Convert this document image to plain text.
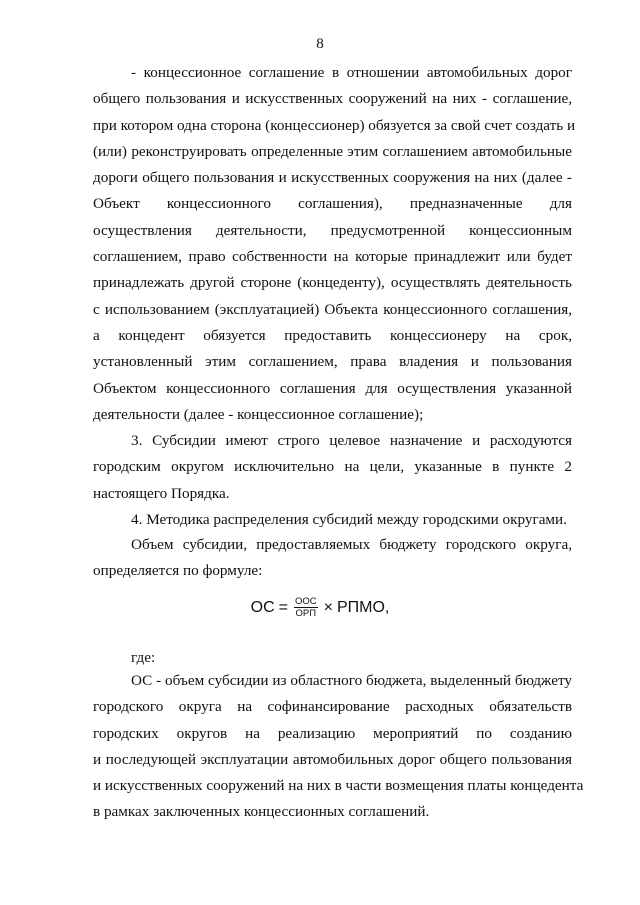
8
- концессионное соглашение в отношении автомобильных дорог
общего пользования и искусственных сооружений на них - соглашение,
при котором одна сторона (концессионер) обязуется за свой счет создать и
(или) реконструировать определенные этим соглашением автомобильные
дороги общего пользования и искусственных сооружения на них (далее -
Объект концессионного соглашения), предназначенные для
осуществления деятельности, предусмотренной концессионным
соглашением, право собственности на которые принадлежит или будет
принадлежать другой стороне (концеденту), осуществлять деятельность
с использованием (эксплуатацией) Объекта концессионного соглашения,
а концедент обязуется предоставить концессионеру на срок,
установленный этим соглашением, права владения и пользования
Объектом концессионного соглашения для осуществления указанной
деятельности (далее - концессионное соглашение);
3. Субсидии имеют строго целевое назначение и расходуются
городским округом исключительно на цели, указанные в пункте 2
настоящего Порядка.
4. Методика распределения субсидий между городскими округами.
Объем субсидии, предоставляемых бюджету городского округа,
определяется по формуле:
ОС = $\frac{\text{ООС}}{\text{ОРП}}$ × РПМО,
где:
ОС - объем субсидии из областного бюджета, выделенный бюджету
городского округа на софинансирование расходных обязательств
городских округов на реализацию мероприятий по созданию
и последующей эксплуатации автомобильных дорог общего пользования
и искусственных сооружений на них в части возмещения платы концедента
в рамках заключенных концессионных соглашений.
